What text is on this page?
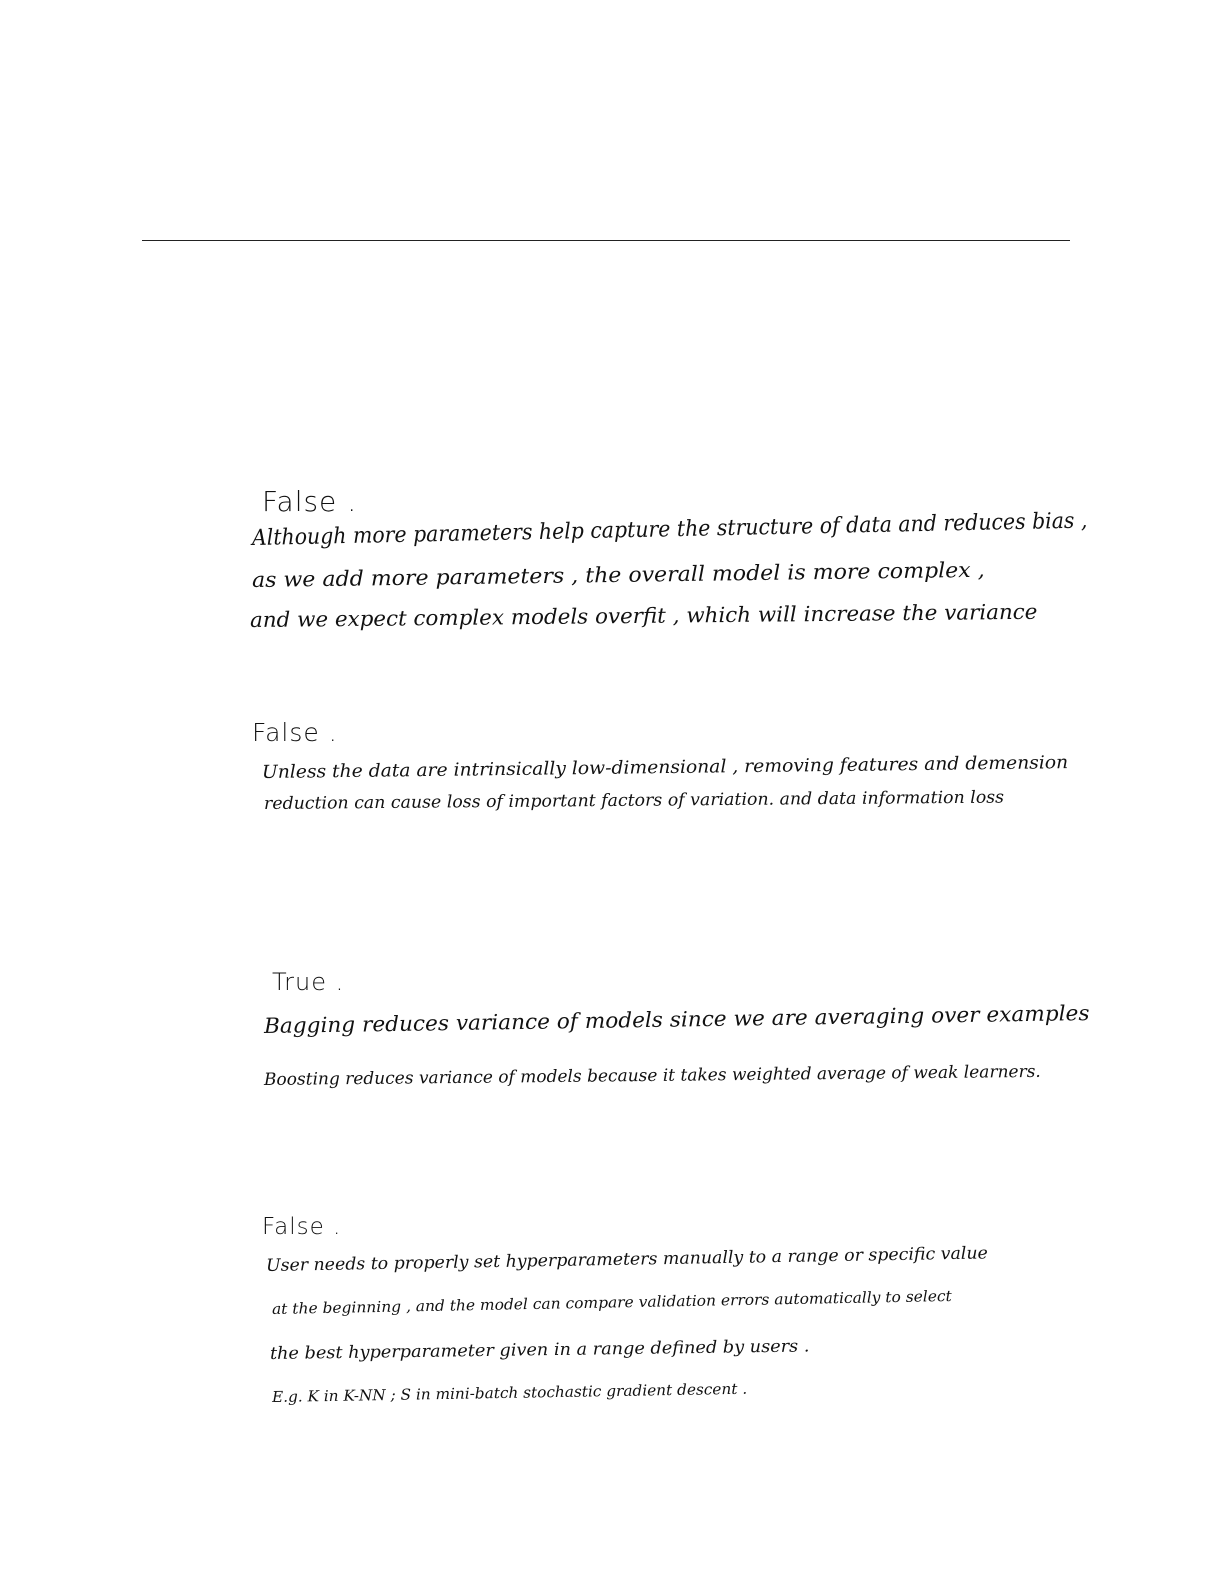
False .
Although more parameters help capture the structure of data and reduces bias ,
as we add more parameters , the overall model is more complex ,
and we expect complex models overfit , which will increase the variance
False .
Unless the data are intrinsically low-dimensional , removing features and demension
reduction can cause loss of important factors of variation. and data information loss
True .
Bagging reduces variance of models since we are averaging over examples
Boosting reduces variance of models because it takes weighted average of weak learners.
False .
User needs to properly set hyperparameters manually to a range or specific value
at the beginning , and the model can compare validation errors automatically to select
the best hyperparameter given in a range defined by users .
E.g. K in K-NN ; S in mini-batch stochastic gradient descent .
